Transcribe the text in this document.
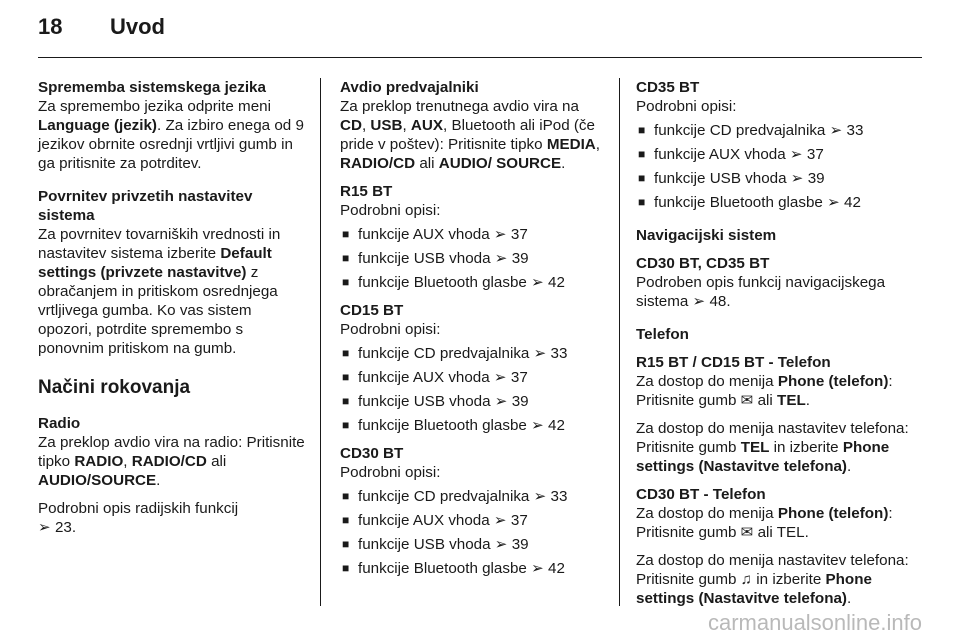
18 Uvod

Sprememba sistemskega jezika

Za spremembo jezika odprite meni Language (jezik). Za izbiro enega od 9 jezikov obrnite osrednji vrtljivi gumb in ga pritisnite za potrditev.

Povrnitev privzetih nastavitev sistema

Za povrnitev tovarniških vrednosti in nastavitev sistema izberite Default settings (privzete nastavitve) z obračanjem in pritiskom osrednjega vrtljivega gumba. Ko vas sistem opozori, potrdite spremembo s ponovnim pritiskom na gumb.

Načini rokovanja

Radio

Za preklop avdio vira na radio: Pritisnite tipko RADIO, RADIO/CD ali AUDIO/SOURCE.

Podrobni opis radijskih funkcij
➢ 23.

Avdio predvajalniki

Za preklop trenutnega avdio vira na CD, USB, AUX, Bluetooth ali iPod (če pride v poštev): Pritisnite tipko MEDIA, RADIO/CD ali AUDIO/ SOURCE.

R15 BT

Podrobni opisi:

■ funkcije AUX vhoda ➢ 37
■ funkcije USB vhoda ➢ 39
■ funkcije Bluetooth glasbe ➢ 42

CD15 BT

Podrobni opisi:

■ funkcije CD predvajalnika ➢ 33
■ funkcije AUX vhoda ➢ 37
■ funkcije USB vhoda ➢ 39
■ funkcije Bluetooth glasbe ➢ 42

CD30 BT

Podrobni opisi:

■ funkcije CD predvajalnika ➢ 33
■ funkcije AUX vhoda ➢ 37
■ funkcije USB vhoda ➢ 39
■ funkcije Bluetooth glasbe ➢ 42

CD35 BT

Podrobni opisi:

■ funkcije CD predvajalnika ➢ 33
■ funkcije AUX vhoda ➢ 37
■ funkcije USB vhoda ➢ 39
■ funkcije Bluetooth glasbe ➢ 42

Navigacijski sistem

CD30 BT, CD35 BT

Podroben opis funkcij navigacijskega sistema ➢ 48.

Telefon

R15 BT / CD15 BT - Telefon

Za dostop do menija Phone (telefon): Pritisnite gumb ✉ ali TEL.

Za dostop do menija nastavitev telefona: Pritisnite gumb TEL in izberite Phone settings (Nastavitve telefona).

CD30 BT - Telefon

Za dostop do menija Phone (telefon): Pritisnite gumb ✉ ali TEL.

Za dostop do menija nastavitev telefona: Pritisnite gumb ♫ in izberite Phone settings (Nastavitve telefona).

carmanualsonline.info
